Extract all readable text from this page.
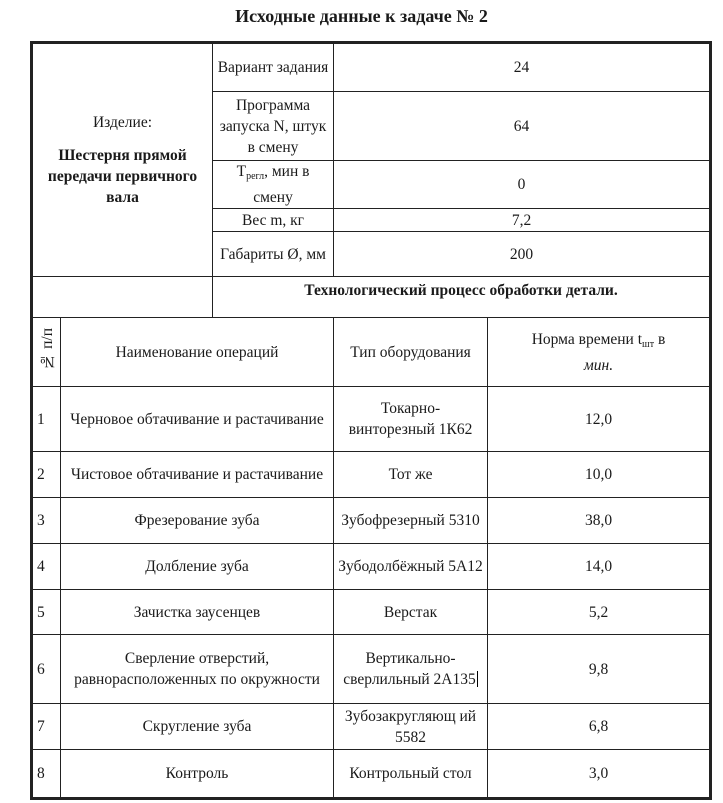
Исходные данные к задаче № 2
Изделие:
Шестерня прямой передачи первичного вала		Вариант задания	24	
		Программа запуска N, штук в смену	64	
		Трегл, мин в смену	0	
		Вес m, кг	7,2	
		Габариты Ø, мм	200	
		Технологический процесс обработки детали.		
№ п/п	Наименование операций		Тип оборудования	Норма времени tшт в
мин.
1	Черновое обтачивание и растачивание		Токарно-винторезный 1К62	12,0
2	Чистовое обтачивание и растачивание		Тот же	10,0
3	Фрезерование зуба		Зубофрезерный 5310	38,0
4	Долбление зуба		Зубодолбёжный 5А12	14,0
5	Зачистка заусенцев		Верстак	5,2
6	Сверление отверстий, равнорасположенных по окружности		Вертикально-сверлильный 2А135	9,8
7	Скругление зуба		Зубозакругляющ ий 5582	6,8
8	Контроль		Контрольный стол	3,0
